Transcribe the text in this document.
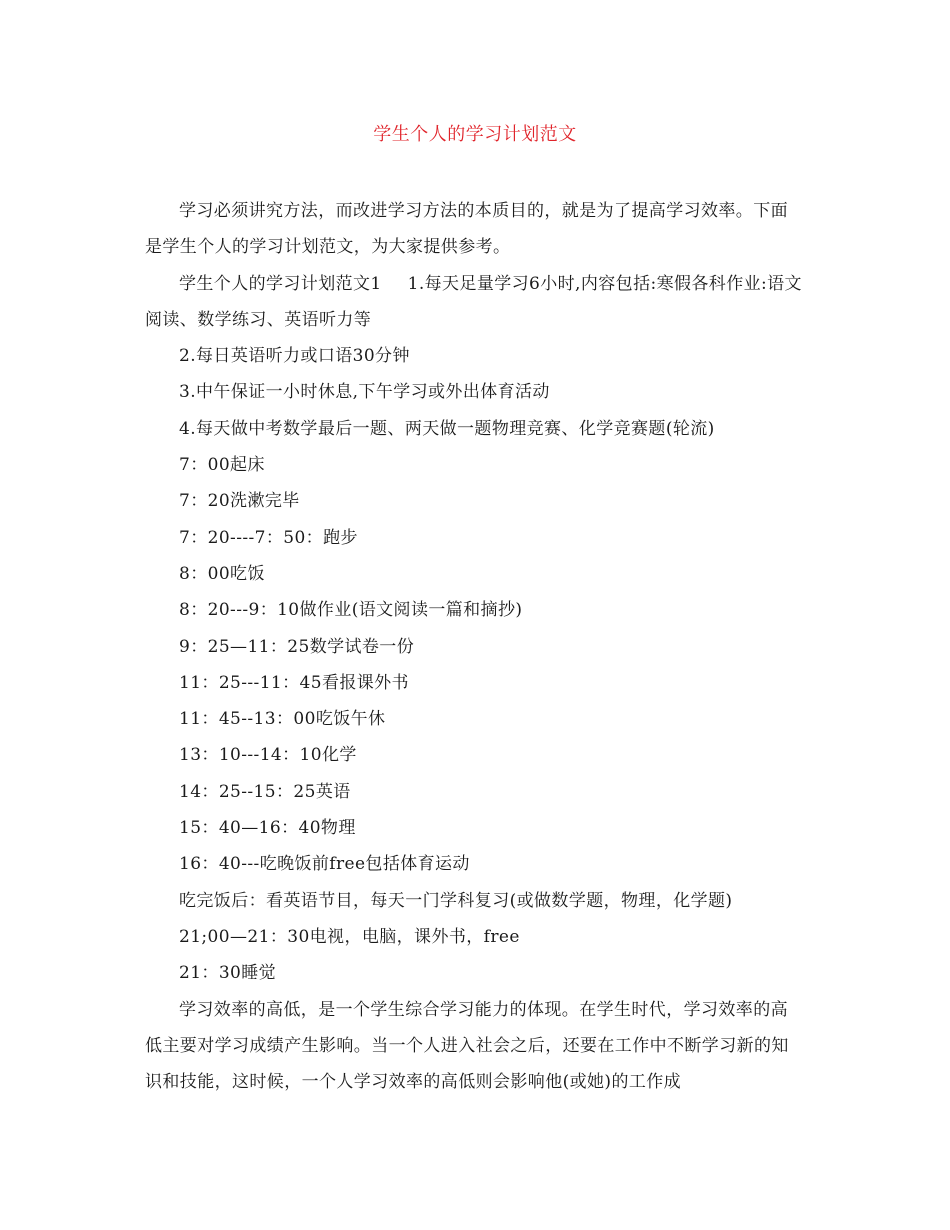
学生个人的学习计划范文

学习必须讲究方法，而改进学习方法的本质目的，就是为了提高学习效率。下面是学生个人的学习计划范文，为大家提供参考。

学生个人的学习计划范文1 1.每天足量学习6小时,内容包括:寒假各科作业:语文阅读、数学练习、英语听力等

2.每日英语听力或口语30分钟

3.中午保证一小时休息,下午学习或外出体育活动

4.每天做中考数学最后一题、两天做一题物理竞赛、化学竞赛题(轮流)

7：00起床

7：20洗漱完毕

7：20----7：50：跑步

8：00吃饭

8：20---9：10做作业(语文阅读一篇和摘抄)

9：25—11：25数学试卷一份

11：25---11：45看报课外书

11：45--13：00吃饭午休

13：10---14：10化学

14：25--15：25英语

15：40—16：40物理

16：40---吃晚饭前free包括体育运动

吃完饭后：看英语节目，每天一门学科复习(或做数学题，物理，化学题)

21;00—21：30电视，电脑，课外书，free

21：30睡觉

学习效率的高低，是一个学生综合学习能力的体现。在学生时代，学习效率的高低主要对学习成绩产生影响。当一个人进入社会之后，还要在工作中不断学习新的知识和技能，这时候，一个人学习效率的高低则会影响他(或她)的工作成
